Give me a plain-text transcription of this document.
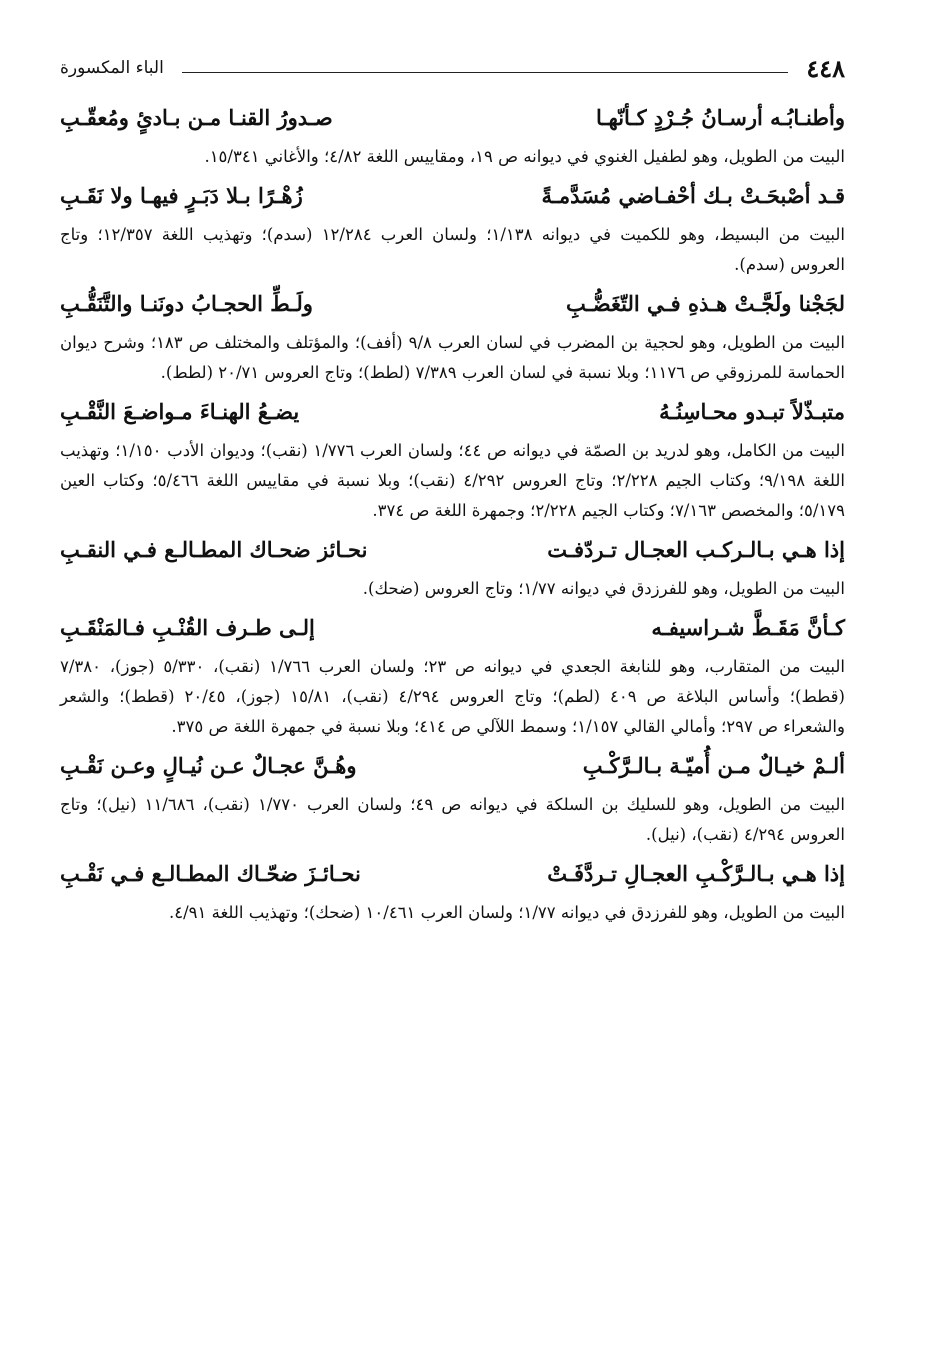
٤٤٨
الباء المكسورة
وأطنـابُـه أرسـانُ جُـرْدٍ كـأنّهـا
صـدورُ القنـا مـن بـادئٍ ومُعقّـبِ
البيت من الطويل، وهو لطفيل الغنوي في ديوانه ص ١٩، ومقاييس اللغة ٤/٨٢؛ والأغاني ١٥/٣٤١.
قـد أصْبحَـتْ بـك أحْفـاضي مُسَدَّمـةً
زُهْـرًا بـلا دَبَـرٍ فيهـا ولا نَقَـبِ
البيت من البسيط، وهو للكميت في ديوانه ١/١٣٨؛ ولسان العرب ١٢/٢٨٤ (سدم)؛ وتهذيب اللغة ١٢/٣٥٧؛ وتاج العروس (سدم).
لجَجْنا ولَجَّـتْ هـذهِ فـي التّغَضُّـبِ
ولَـطِّ الحجـابُ دونَنـا والتَّنَقُّـبِ
البيت من الطويل، وهو لحجية بن المضرب في لسان العرب ٩/٨ (أفف)؛ والمؤتلف والمختلف ص ١٨٣؛ وشرح ديوان الحماسة للمرزوقي ص ١١٧٦؛ وبلا نسبة في لسان العرب ٧/٣٨٩ (لطط)؛ وتاج العروس ٢٠/٧١ (لطط).
متبـذّلاً تبـدو محـاسِنُـهُ
يضـعُ الهنـاءَ مـواضـعَ النَّقْـبِ
البيت من الكامل، وهو لدريد بن الصمّة في ديوانه ص ٤٤؛ ولسان العرب ١/٧٧٦ (نقب)؛ وديوان الأدب ١/١٥٠؛ وتهذيب اللغة ٩/١٩٨؛ وكتاب الجيم ٢/٢٢٨؛ وتاج العروس ٤/٢٩٢ (نقب)؛ وبلا نسبة في مقاييس اللغة ٥/٤٦٦؛ وكتاب العين ٥/١٧٩؛ والمخصص ٧/١٦٣؛ وكتاب الجيم ٢/٢٢٨؛ وجمهرة اللغة ص ٣٧٤.
إذا هـي بـالـركـب العجـال تـردّفـت
نحـائز ضحـاك المطـالـع فـي النقـبِ
البيت من الطويل، وهو للفرزدق في ديوانه ١/٧٧؛ وتاج العروس (ضحك).
كـأنَّ مَقَـطَّ شـراسيفـه
إلـى طـرف القُنْـبِ فـالمَنْقَـبِ
البيت من المتقارب، وهو للنابغة الجعدي في ديوانه ص ٢٣؛ ولسان العرب ١/٧٦٦ (نقب)، ٥/٣٣٠ (جوز)، ٧/٣٨٠ (قطط)؛ وأساس البلاغة ص ٤٠٩ (لطم)؛ وتاج العروس ٤/٢٩٤ (نقب)، ١٥/٨١ (جوز)، ٢٠/٤٥ (قطط)؛ والشعر والشعراء ص ٢٩٧؛ وأمالي القالي ١/١٥٧؛ وسمط اللآلي ص ٤١٤؛ وبلا نسبة في جمهرة اللغة ص ٣٧٥.
ألـمْ خيـالٌ مـن أُميّـة بـالـرَّكْـبِ
وهُـنَّ عجـالٌ عـن نُيـالٍ وعـن نَقْـبِ
البيت من الطويل، وهو للسليك بن السلكة في ديوانه ص ٤٩؛ ولسان العرب ١/٧٧٠ (نقب)، ١١/٦٨٦ (نيل)؛ وتاج العروس ٤/٢٩٤ (نقب)، (نيل).
إذا هـي بـالـرَّكْـبِ العجـالِ تـردَّفَـتْ
نحـائـزَ ضحّـاك المطـالـع فـي نَقْـبِ
البيت من الطويل، وهو للفرزدق في ديوانه ١/٧٧؛ ولسان العرب ١٠/٤٦١ (ضحك)؛ وتهذيب اللغة ٤/٩١.
